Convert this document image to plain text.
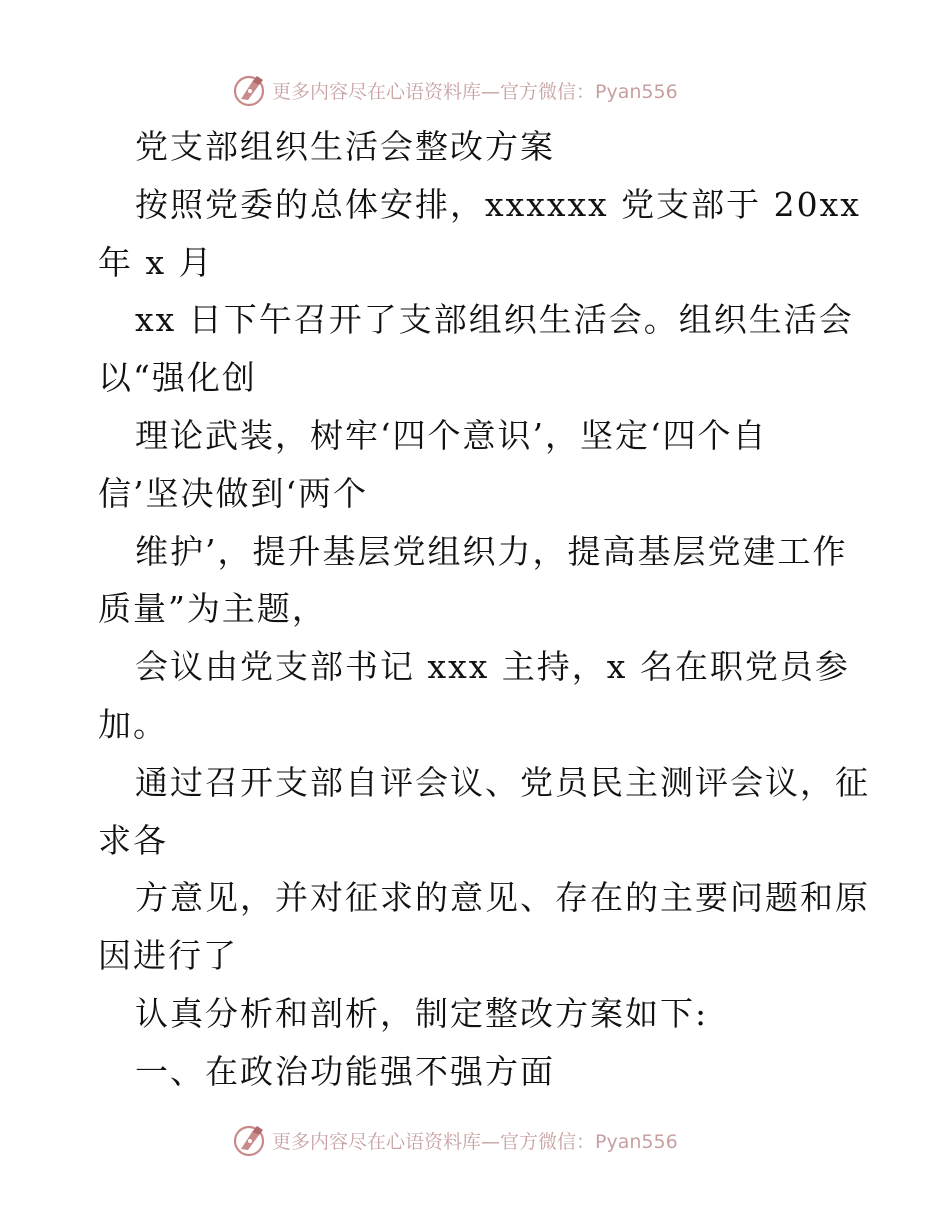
更多内容尽在心语资料库—官方微信：Pyan556
党支部组织生活会整改方案
按照党委的总体安排，xxxxxx 党支部于 20xx
年 x 月
xx 日下午召开了支部组织生活会。组织生活会
以“强化创
理论武装，树牢‘四个意识’，坚定‘四个自
信’坚决做到‘两个
维护’，提升基层党组织力，提高基层党建工作
质量”为主题，
会议由党支部书记 xxx 主持，x 名在职党员参
加。
通过召开支部自评会议、党员民主测评会议，征
求各
方意见，并对征求的意见、存在的主要问题和原
因进行了
认真分析和剖析，制定整改方案如下:
一、在政治功能强不强方面
更多内容尽在心语资料库—官方微信：Pyan556
